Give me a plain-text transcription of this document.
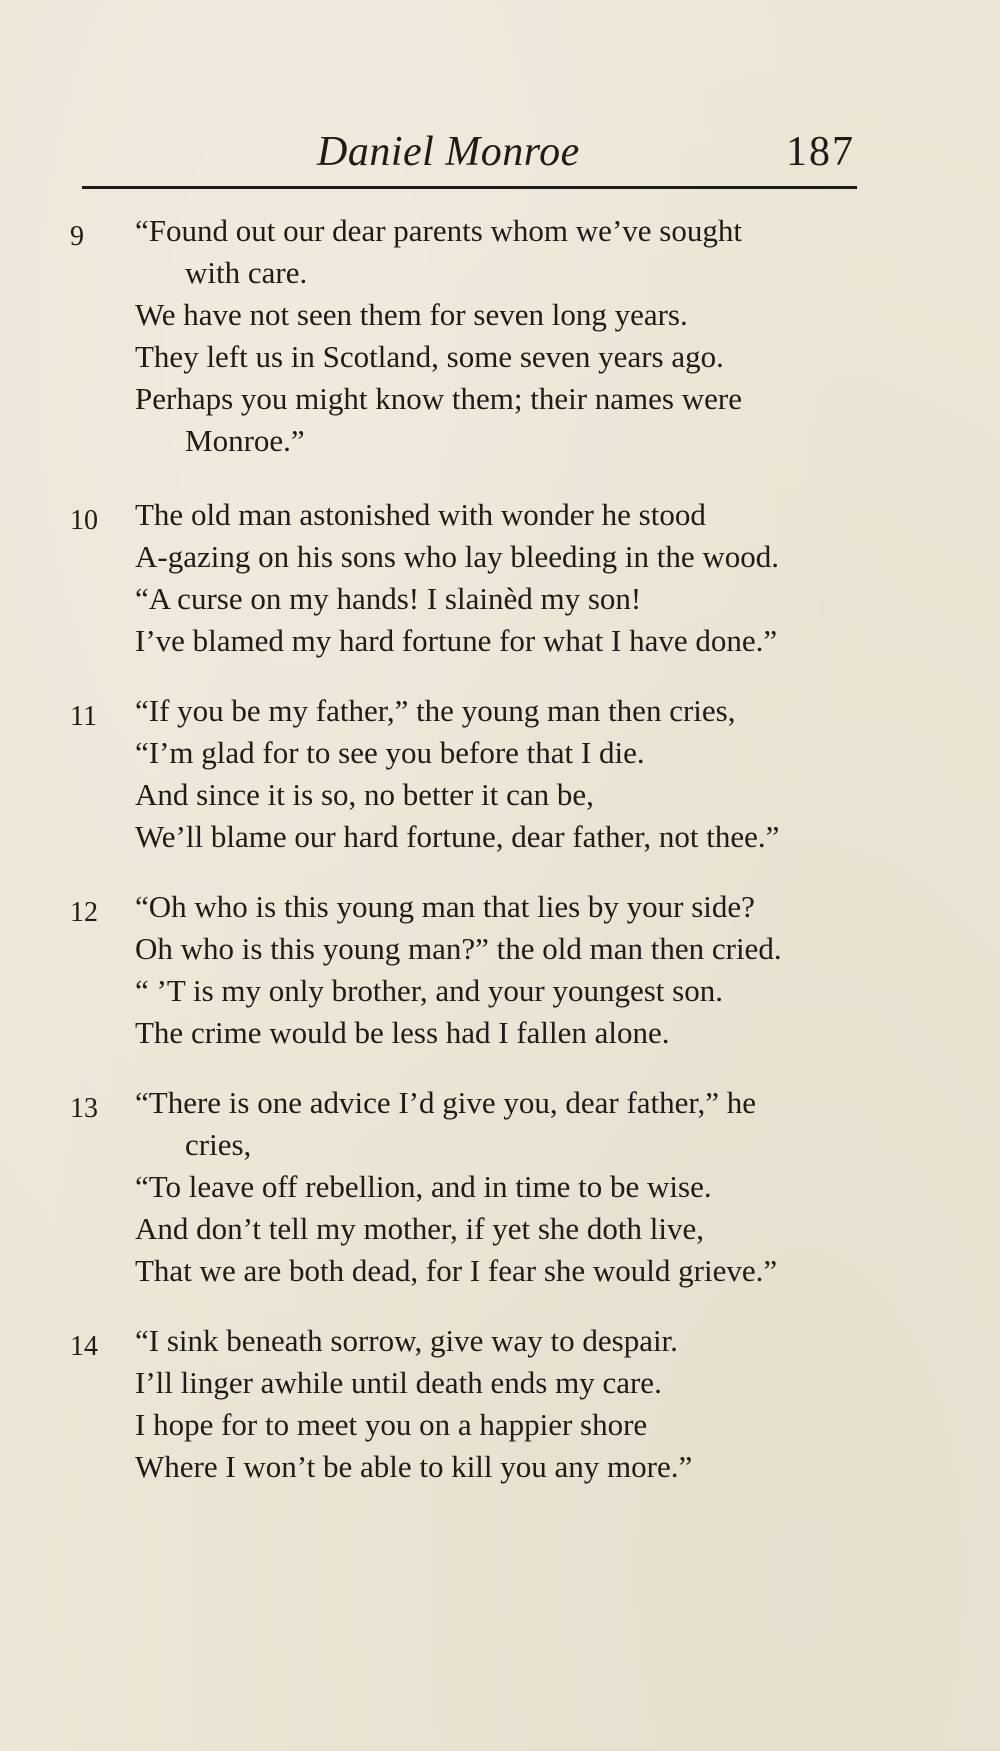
Daniel Monroe	187
9	“Found out our dear parents whom we’ve sought
with care.
We have not seen them for seven long years.
They left us in Scotland, some seven years ago.
Perhaps you might know them; their names were
Monroe.”
10	The old man astonished with wonder he stood
A-gazing on his sons who lay bleeding in the wood.
“A curse on my hands! I slainèd my son!
I’ve blamed my hard fortune for what I have done.”
11	“If you be my father,” the young man then cries,
“I’m glad for to see you before that I die.
And since it is so, no better it can be,
We’ll blame our hard fortune, dear father, not thee.”
12	“Oh who is this young man that lies by your side?
Oh who is this young man?” the old man then cried.
“ ’T is my only brother, and your youngest son.
The crime would be less had I fallen alone.
13	“There is one advice I’d give you, dear father,” he
cries,
“To leave off rebellion, and in time to be wise.
And don’t tell my mother, if yet she doth live,
That we are both dead, for I fear she would grieve.”
14	“I sink beneath sorrow, give way to despair.
I’ll linger awhile until death ends my care.
I hope for to meet you on a happier shore
Where I won’t be able to kill you any more.”
